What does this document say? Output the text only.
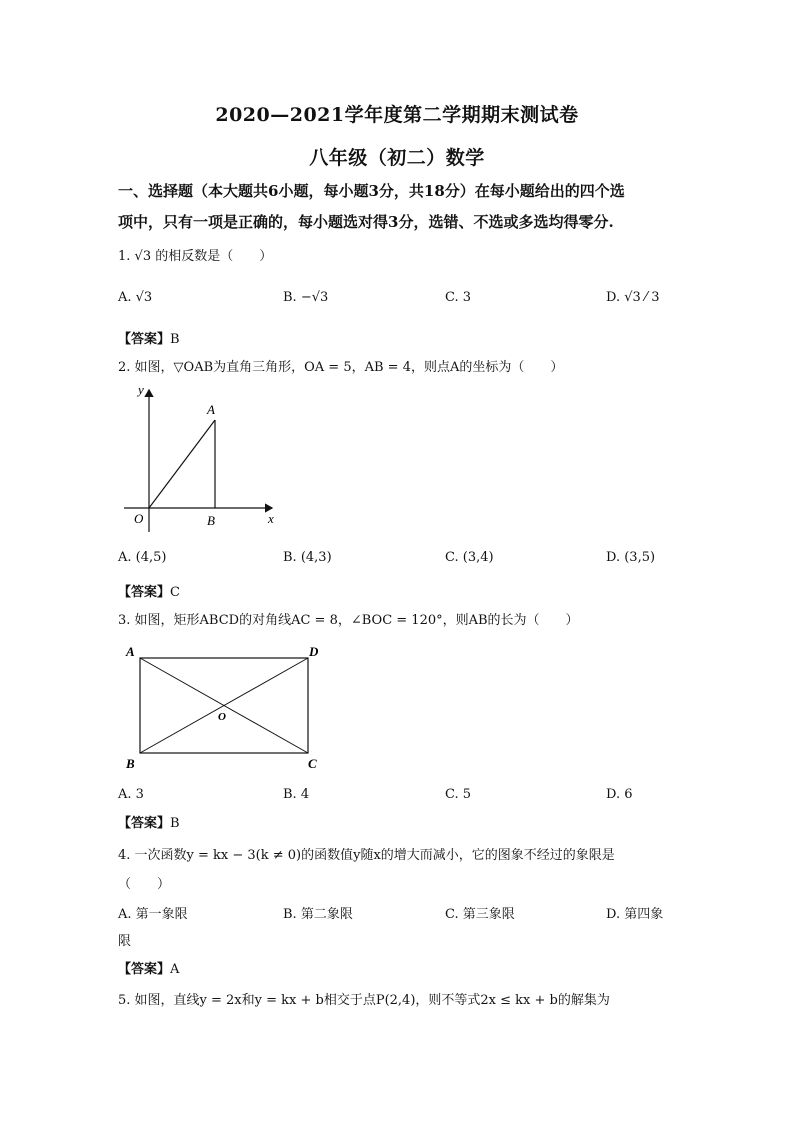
2020—2021学年度第二学期期末测试卷
八年级（初二）数学
一、选择题（本大题共6小题，每小题3分，共18分）在每小题给出的四个选
项中，只有一项是正确的，每小题选对得3分，选错、不选或多选均得零分.
1. √3 的相反数是（　　）
A. √3	B. −√3	C. 3	D. √3 ⁄ 3
【答案】B
2. 如图，▽OAB为直角三角形，OA = 5，AB = 4，则点A的坐标为（　　）
y
A
O	B	x
A. (4,5)	B. (4,3)	C. (3,4)	D. (3,5)
【答案】C
3. 如图，矩形ABCD的对角线AC = 8，∠BOC = 120°，则AB的长为（　　）
A	D
O
B	C
A. 3	B. 4	C. 5	D. 6
【答案】B
4. 一次函数y = kx − 3(k ≠ 0)的函数值y随x的增大而减小，它的图象不经过的象限是
（　　）
A. 第一象限	B. 第二象限	C. 第三象限	D. 第四象
限
【答案】A
5. 如图，直线y = 2x和y = kx + b相交于点P(2,4)，则不等式2x ≤ kx + b的解集为
